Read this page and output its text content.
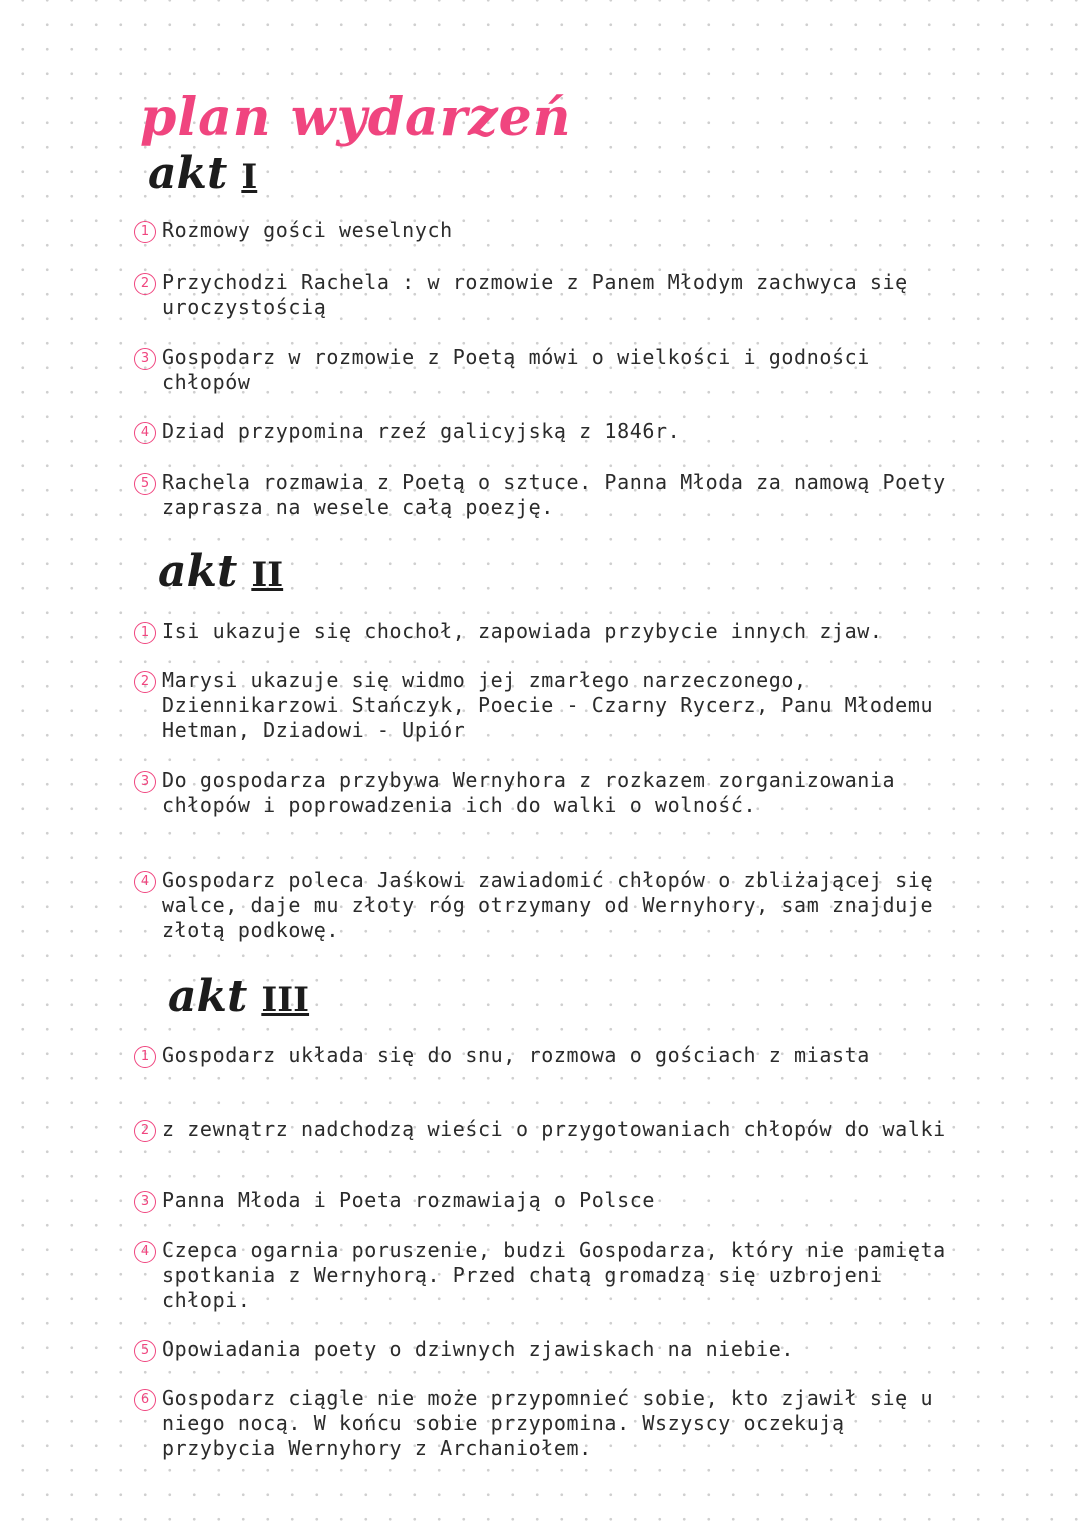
plan wydarzeń
akt I
1 Rozmowy gości weselnych
2 Przychodzi Rachela : w rozmowie z Panem Młodym zachwyca się uroczystością
3 Gospodarz w rozmowie z Poetą mówi o wielkości i godności chłopów
4 Dziad przypomina rzeź galicyjską z 1846r.
5 Rachela rozmawia z Poetą o sztuce. Panna Młoda za namową Poety zaprasza na wesele całą poezję.
akt II
1 Isi ukazuje się chochoł, zapowiada przybycie innych zjaw.
2 Marysi ukazuje się widmo jej zmarłego narzeczonego, Dziennikarzowi Stańczyk, Poecie - Czarny Rycerz, Panu Młodemu Hetman, Dziadowi - Upiór
3 Do gospodarza przybywa Wernyhora z rozkazem zorganizowania chłopów i poprowadzenia ich do walki o wolność.
4 Gospodarz poleca Jaśkowi zawiadomić chłopów o zbliżającej się walce, daje mu złoty róg otrzymany od Wernyhory, sam znajduje złotą podkowę.
akt III
1 Gospodarz układa się do snu, rozmowa o gościach z miasta
2 z zewnątrz nadchodzą wieści o przygotowaniach chłopów do walki
3 Panna Młoda i Poeta rozmawiają o Polsce
4 Czepca ogarnia poruszenie, budzi Gospodarza, który nie pamięta spotkania z Wernyhorą. Przed chatą gromadzą się uzbrojeni chłopi.
5 Opowiadania poety o dziwnych zjawiskach na niebie.
6 Gospodarz ciągle nie może przypomnieć sobie, kto zjawił się u niego nocą. W końcu sobie przypomina. Wszyscy oczekują przybycia Wernyhory z Archaniołem.
